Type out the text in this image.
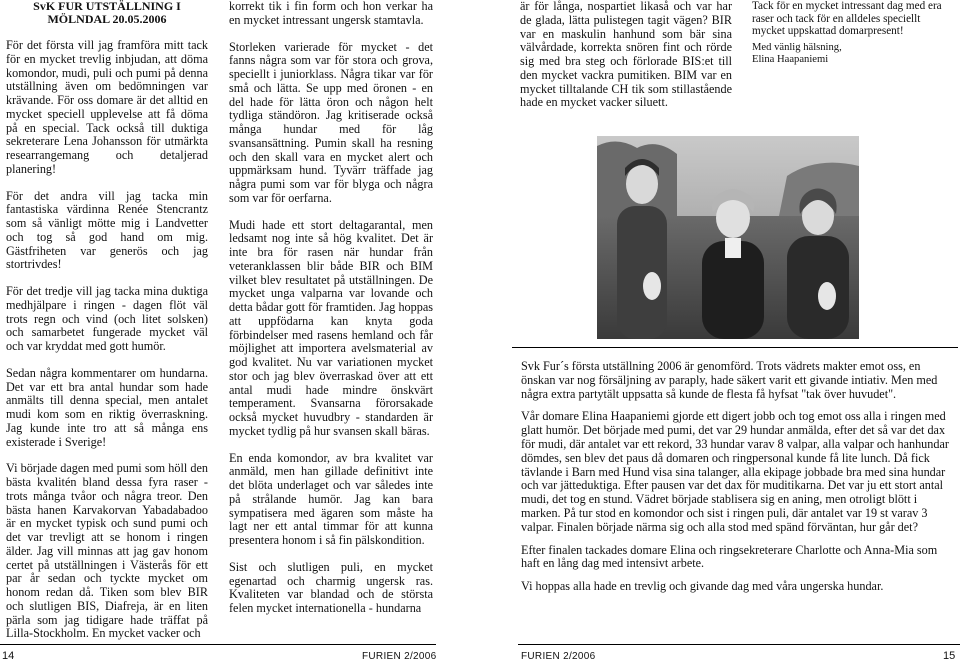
SvK FUR UTSTÄLLNING I
MÖLNDAL 20.05.2006

För det första vill jag framföra mitt tack för en mycket trevlig inbjudan, att döma komondor, mudi, puli och pumi på denna utställning även om bedömningen var krävande. För oss domare är det alltid en mycket speciell upplevelse att få döma på en special. Tack också till duktiga sekreterare Lena Johansson för utmärkta researrangemang och detaljerad planering!

För det andra vill jag tacka min fantastiska värdinna Renée Stencrantz som så vänligt mötte mig i Landvetter och tog så god hand om mig. Gästfriheten var generös och jag stortrivdes!

För det tredje vill jag tacka mina duktiga medhjälpare i ringen - dagen flöt väl trots regn och vind (och litet solsken) och samarbetet fungerade mycket väl och var kryddat med gott humör.

Sedan några kommentarer om hundarna. Det var ett bra antal hundar som hade anmälts till denna special, men antalet mudi kom som en riktig överraskning. Jag kunde inte tro att så många ens existerade i Sverige!

Vi började dagen med pumi som höll den bästa kvalitén bland dessa fyra raser - trots många tvåor och några treor. Den bästa hanen Karvakorvan Yabadabadoo är en mycket typisk och sund pumi och det var trevligt att se honom i ringen älder. Jag vill minnas att jag gav honom certet på utställningen i Västerås för ett par år sedan och tyckte mycket om honom redan då. Tiken som blev BIR och slutligen BIS, Diafreja, är en liten pärla som jag tidigare hade träffat på Lilla-Stockholm. En mycket vacker och

korrekt tik i fin form och hon verkar ha en mycket intressant ungersk stamtavla.

Storleken varierade för mycket - det fanns några som var för stora och grova, speciellt i juniorklass. Några tikar var för små och lätta. Se upp med öronen - en del hade för lätta öron och någon helt tydliga ständöron. Jag kritiserade också många hundar med för låg svansansättning. Pumin skall ha resning och den skall vara en mycket alert och uppmärksam hund. Tyvärr träffade jag några pumi som var för blyga och några som var för oerfarna.

Mudi hade ett stort deltagarantal, men ledsamt nog inte så hög kvalitet. Det är inte bra för rasen när hundar från veteranklassen blir både BIR och BIM vilket blev resultatet på utställningen. De mycket unga valparna var lovande och detta bådar gott för framtiden. Jag hoppas att uppfödarna kan knyta goda förbindelser med rasens hemland och får möjlighet att importera avelsmaterial av god kvalitet. Nu var variationen mycket stor och jag blev överraskad över att ett antal mudi hade mindre önskvärt temperament. Svansarna förorsakade också mycket huvudbry - standarden är mycket tydlig på hur svansen skall bäras.

En enda komondor, av bra kvalitet var anmäld, men han gillade definitivt inte det blöta underlaget och var således inte på strålande humör. Jag kan bara sympatisera med ägaren som måste ha lagt ner ett antal timmar för att kunna presentera honom i så fin pälskondition.

Sist och slutligen puli, en mycket egenartad och charmig ungersk ras. Kvaliteten var blandad och de största felen mycket internationella - hundarna

är för långa, nospartiet likaså och var har de glada, lätta pulistegen tagit vägen? BIR var en maskulin hanhund som bär sina välvårdade, korrekta snören fint och rörde sig med bra steg och förlorade BIS:et till den mycket vackra pumitiken. BIM var en mycket tilltalande CH tik som stillastående hade en mycket vacker siluett.

Tack för en mycket intressant dag med era raser och tack för en alldeles speciellt mycket uppskattad domarpresent!
Med vänlig hälsning,
Elina Haapaniemi

Svk Fur´s första utställning 2006 är genomförd. Trots vädrets makter emot oss, en önskan var nog försäljning av paraply, hade säkert varit ett givande intiativ. Men med några extra partytält uppsatta så kunde de flesta få hyfsat "tak över huvudet".

Vår domare Elina Haapaniemi gjorde ett digert jobb och tog emot oss alla i ringen med glatt humör. Det började med pumi, det var 29 hundar anmälda, efter det så var det dax för mudi, där antalet var ett rekord, 33 hundar varav 8 valpar, alla valpar och hanhundar dömdes, sen blev det paus då domaren och ringpersonal kunde få lite lunch. Då fick tävlande i Barn med Hund visa sina talanger, alla ekipage jobbade bra med sina hundar och var jätteduktiga. Efter pausen var det dax för muditikarna. Det var ju ett stort antal mudi, det tog en stund. Vädret började stablisera sig en aning, men otroligt blött i marken. På tur stod en komondor och sist i ringen puli, där antalet var 19 st varav 3 valpar. Finalen började närma sig och alla stod med spänd förväntan, hur går det?

Efter finalen tackades domare Elina och ringsekreterare Charlotte och Anna-Mia som haft en lång dag med intensivt arbete.

Vi hoppas alla hade en trevlig och givande dag med våra ungerska hundar.

14	FURIEN 2/2006	FURIEN 2/2006	15
